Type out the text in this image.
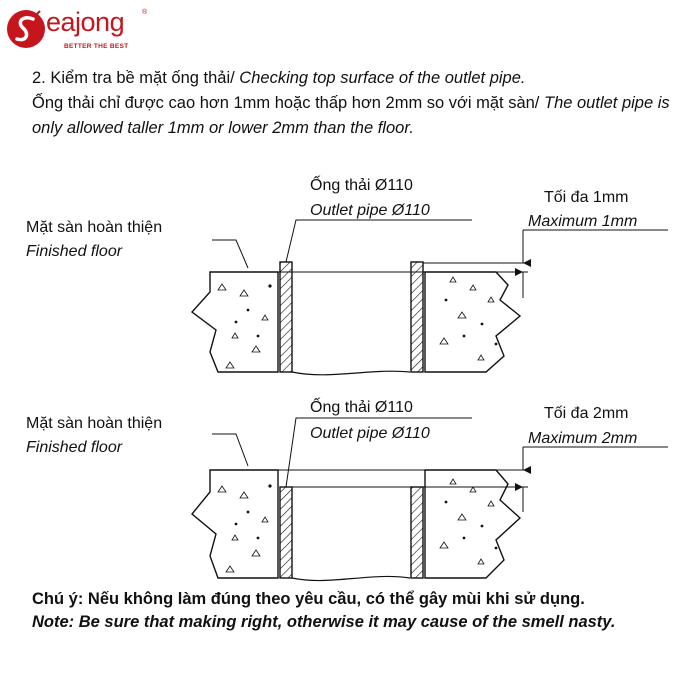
eajong	®
BETTER THE BEST

2. Kiểm tra bề mặt ống thải/ Checking top surface of the outlet pipe.
Ống thải chỉ được cao hơn 1mm hoặc thấp hơn 2mm so với mặt sàn/ The outlet pipe is only allowed taller 1mm or lower 2mm than the floor.

Mặt sàn hoàn thiện
Finished floor
Ống thải Ø110
Outlet pipe Ø110
Tối đa 1mm
Maximum 1mm
Mặt sàn hoàn thiện
Finished floor
Ống thải Ø110
Outlet pipe Ø110
Tối đa 2mm
Maximum 2mm

Chú ý: Nếu không làm đúng theo yêu cầu, có thể gây mùi khi sử dụng.
Note: Be sure that making right, otherwise it may cause of the smell nasty.
